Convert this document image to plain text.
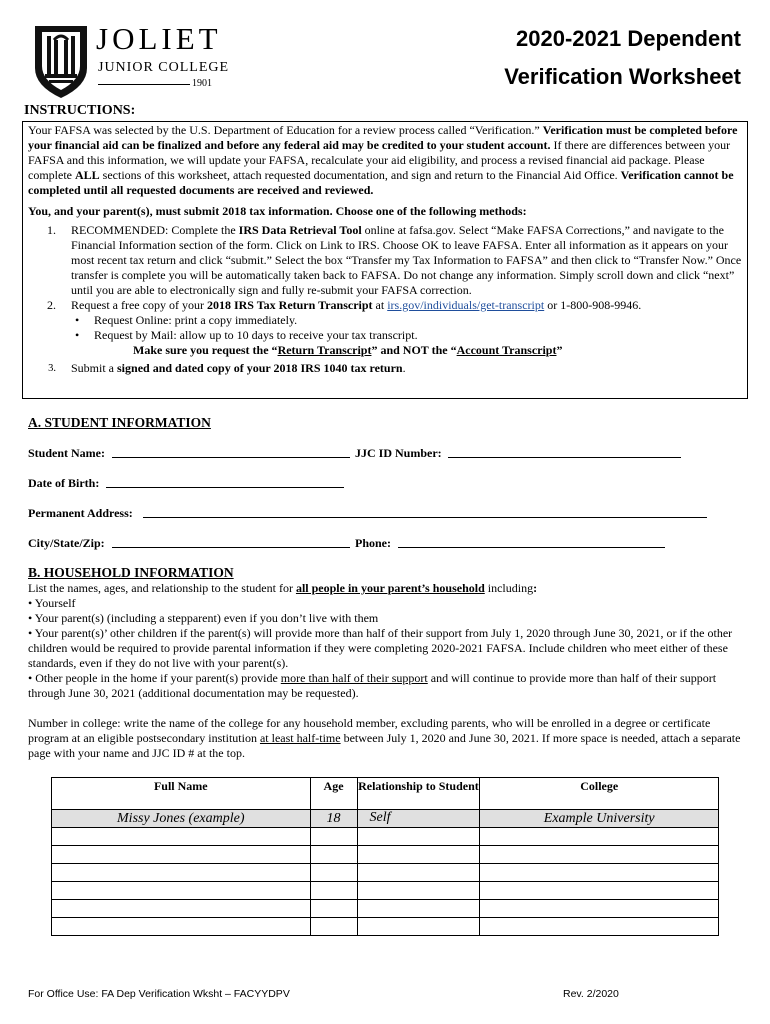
JOLIET
JUNIOR COLLEGE
1901
2020-2021 Dependent
Verification Worksheet
INSTRUCTIONS:

Your FAFSA was selected by the U.S. Department of Education for a review process called “Verification.” Verification must be completed before your financial aid can be finalized and before any federal aid may be credited to your student account. If there are differences between your FAFSA and this information, we will update your FAFSA, recalculate your aid eligibility, and process a revised financial aid package. Please complete ALL sections of this worksheet, attach requested documentation, and sign and return to the Financial Aid Office. Verification cannot be completed until all requested documents are received and reviewed.

You, and your parent(s), must submit 2018 tax information. Choose one of the following methods:

1. RECOMMENDED: Complete the IRS Data Retrieval Tool online at fafsa.gov. Select “Make FAFSA Corrections,” and navigate to the Financial Information section of the form. Click on Link to IRS. Choose OK to leave FAFSA. Enter all information as it appears on your most recent tax return and click “submit.” Select the box “Transfer my Tax Information to FAFSA” and then click to “Transfer Now.” Once transfer is complete you will be automatically taken back to FAFSA. Do not change any information. Simply scroll down and click “next” until you are able to electronically sign and fully re-submit your FAFSA correction.
2. Request a free copy of your 2018 IRS Tax Return Transcript at irs.gov/individuals/get-transcript or 1-800-908-9946.
• Request Online: print a copy immediately.
• Request by Mail: allow up to 10 days to receive your tax transcript.
Make sure you request the “Return Transcript” and NOT the “Account Transcript”
3. Submit a signed and dated copy of your 2018 IRS 1040 tax return.
A. STUDENT INFORMATION
Student Name:	JJC ID Number:
Date of Birth:
Permanent Address:
City/State/Zip:	Phone:
B. HOUSEHOLD INFORMATION
List the names, ages, and relationship to the student for all people in your parent’s household including:
• Yourself
• Your parent(s) (including a stepparent) even if you don’t live with them
• Your parent(s)’ other children if the parent(s) will provide more than half of their support from July 1, 2020 through June 30, 2021, or if the other children would be required to provide parental information if they were completing 2020-2021 FAFSA. Include children who meet either of these standards, even if they do not live with your parent(s).
• Other people in the home if your parent(s) provide more than half of their support and will continue to provide more than half of their support through June 30, 2021 (additional documentation may be requested).
Number in college: write the name of the college for any household member, excluding parents, who will be enrolled in a degree or certificate program at an eligible postsecondary institution at least half-time between July 1, 2020 and June 30, 2021. If more space is needed, attach a separate page with your name and JJC ID # at the top.
Full Name	Age	Relationship to Student	College
Missy Jones (example)	18	Self	Example University

For Office Use: FA Dep Verification Wksht – FACYYDPV	Rev. 2/2020
